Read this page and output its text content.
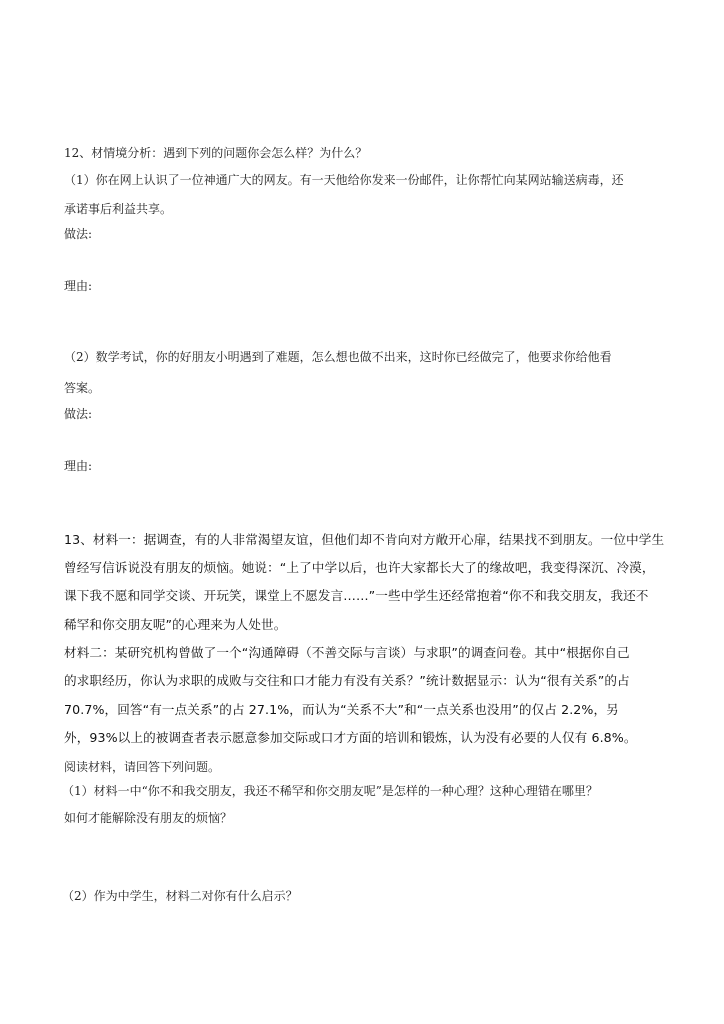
12、材情境分析：遇到下列的问题你会怎么样？为什么？
（1）你在网上认识了一位神通广大的网友。有一天他给你发来一份邮件，让你帮忙向某网站输送病毒，还
承诺事后利益共享。
做法:
理由:
（2）数学考试，你的好朋友小明遇到了难题，怎么想也做不出来，这时你已经做完了，他要求你给他看
答案。
做法:
理由:
13、材料一：据调查，有的人非常渴望友谊，但他们却不肯向对方敞开心扉，结果找不到朋友。一位中学生
曾经写信诉说没有朋友的烦恼。她说：“上了中学以后，也许大家都长大了的缘故吧，我变得深沉、冷漠，
课下我不愿和同学交谈、开玩笑，课堂上不愿发言……”一些中学生还经常抱着“你不和我交朋友，我还不
稀罕和你交朋友呢”的心理来为人处世。
材料二：某研究机构曾做了一个“沟通障碍（不善交际与言谈）与求职”的调查问卷。其中“根据你自己
的求职经历，你认为求职的成败与交往和口才能力有没有关系？”统计数据显示：认为“很有关系”的占
70.7%，回答“有一点关系”的占 27.1%，而认为“关系不大”和“一点关系也没用”的仅占 2.2%，另
外，93%以上的被调查者表示愿意参加交际或口才方面的培训和锻炼，认为没有必要的人仅有 6.8%。
阅读材料，请回答下列问题。
（1）材料一中“你不和我交朋友，我还不稀罕和你交朋友呢”是怎样的一种心理？这种心理错在哪里？
如何才能解除没有朋友的烦恼？
（2）作为中学生，材料二对你有什么启示？
